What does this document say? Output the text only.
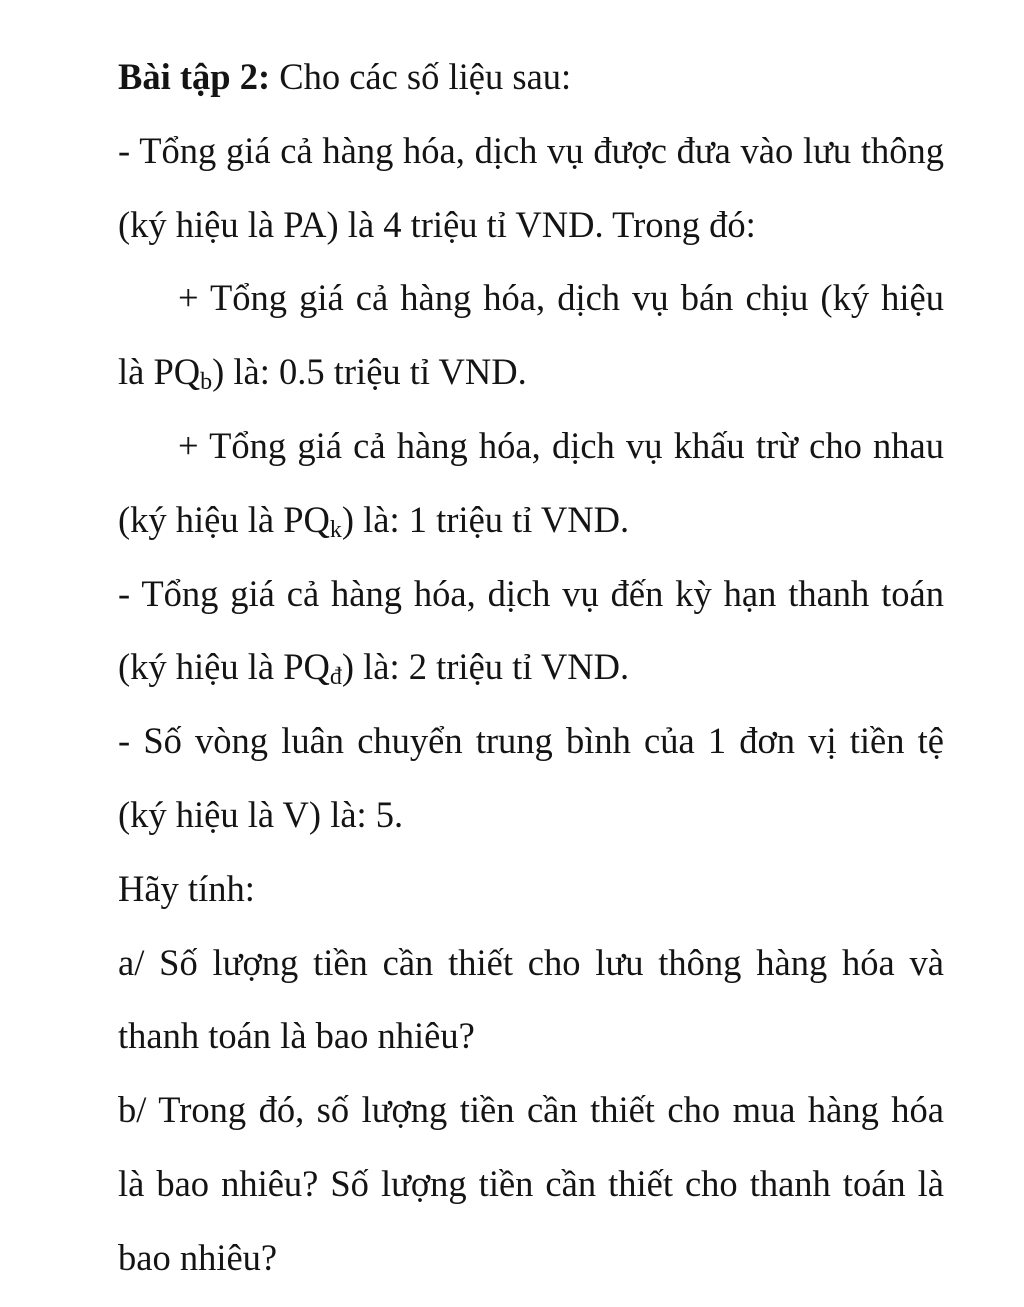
Bài tập 2: Cho các số liệu sau:
- Tổng giá cả hàng hóa, dịch vụ được đưa vào lưu thông
(ký hiệu là PA) là 4 triệu tỉ VND. Trong đó:
+ Tổng giá cả hàng hóa, dịch vụ bán chịu (ký hiệu
là $PQ_b$) là: 0.5 triệu tỉ VND.
+ Tổng giá cả hàng hóa, dịch vụ khấu trừ cho nhau
(ký hiệu là $PQ_k$) là: 1 triệu tỉ VND.
- Tổng giá cả hàng hóa, dịch vụ đến kỳ hạn thanh toán
(ký hiệu là $PQ_đ$) là: 2 triệu tỉ VND.
- Số vòng luân chuyển trung bình của 1 đơn vị tiền tệ
(ký hiệu là V) là: 5.
Hãy tính:
a/ Số lượng tiền cần thiết cho lưu thông hàng hóa và
thanh toán là bao nhiêu?
b/ Trong đó, số lượng tiền cần thiết cho mua hàng hóa
là bao nhiêu? Số lượng tiền cần thiết cho thanh toán là
bao nhiêu?
